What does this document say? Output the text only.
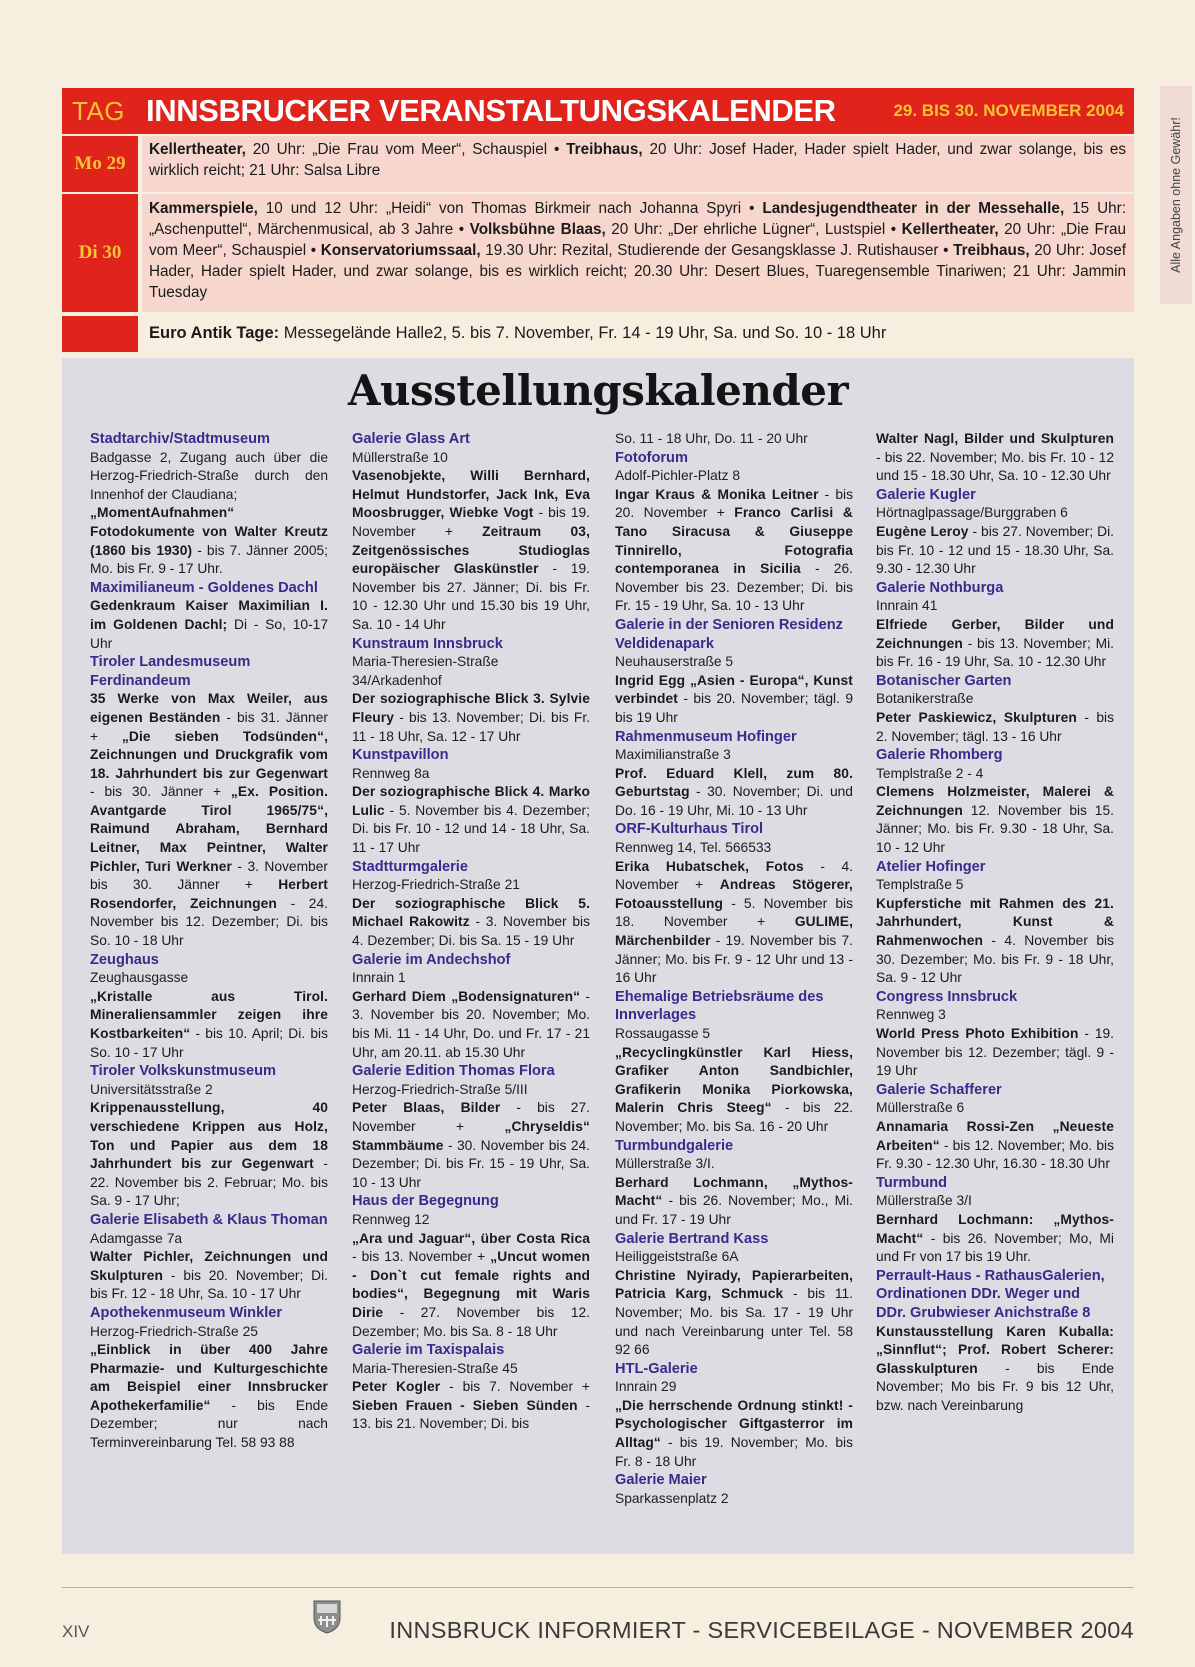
Alle Angaben ohne Gewähr!
TAG INNSBRUCKER VERANSTALTUNGSKALENDER	29. BIS 30. NOVEMBER 2004
Mo 29
Kellertheater, 20 Uhr: „Die Frau vom Meer“, Schauspiel • Treibhaus, 20 Uhr: Josef Hader, Hader spielt Hader, und zwar solange, bis es wirklich reicht; 21 Uhr: Salsa Libre
Di 30
Kammerspiele, 10 und 12 Uhr: „Heidi“ von Thomas Birkmeir nach Johanna Spyri • Landesjugendtheater in der Messehalle, 15 Uhr: „Aschenputtel“, Märchenmusical, ab 3 Jahre • Volksbühne Blaas, 20 Uhr: „Der ehrliche Lügner“, Lustspiel • Kellertheater, 20 Uhr: „Die Frau vom Meer“, Schauspiel • Konservatoriumssaal, 19.30 Uhr: Rezital, Studierende der Gesangsklasse J. Rutishauser • Treibhaus, 20 Uhr: Josef Hader, Hader spielt Hader, und zwar solange, bis es wirklich reicht; 20.30 Uhr: Desert Blues, Tuaregensemble Tinariwen; 21 Uhr: Jammin Tuesday
Euro Antik Tage: Messegelände Halle2, 5. bis 7. November, Fr. 14 - 19 Uhr, Sa. und So. 10 - 18 Uhr
Ausstellungskalender
Stadtarchiv/Stadtmuseum
Badgasse 2, Zugang auch über die Herzog-Friedrich-Straße durch den Innenhof der Claudiana;
„MomentAufnahmen“ Fotodokumente von Walter Kreutz (1860 bis 1930) - bis 7. Jänner 2005; Mo. bis Fr. 9 - 17 Uhr.
Maximilianeum - Goldenes Dachl
Gedenkraum Kaiser Maximilian I. im Goldenen Dachl; Di - So, 10-17 Uhr
Tiroler Landesmuseum Ferdinandeum
35 Werke von Max Weiler, aus eigenen Beständen - bis 31. Jänner + „Die sieben Todsünden“, Zeichnungen und Druckgrafik vom 18. Jahrhundert bis zur Gegenwart - bis 30. Jänner + „Ex. Position. Avantgarde Tirol 1965/75“, Raimund Abraham, Bernhard Leitner, Max Peintner, Walter Pichler, Turi Werkner - 3. November bis 30. Jänner + Herbert Rosendorfer, Zeichnungen - 24. November bis 12. Dezember; Di. bis So. 10 - 18 Uhr
Zeughaus
Zeughausgasse
„Kristalle aus Tirol. Mineraliensammler zeigen ihre Kostbarkeiten“ - bis 10. April; Di. bis So. 10 - 17 Uhr
Tiroler Volkskunstmuseum
Universitätsstraße 2
Krippenausstellung, 40 verschiedene Krippen aus Holz, Ton und Papier aus dem 18 Jahrhundert bis zur Gegenwart - 22. November bis 2. Februar; Mo. bis Sa. 9 - 17 Uhr;
Galerie Elisabeth & Klaus Thoman
Adamgasse 7a
Walter Pichler, Zeichnungen und Skulpturen - bis 20. November; Di. bis Fr. 12 - 18 Uhr, Sa. 10 - 17 Uhr
Apothekenmuseum Winkler
Herzog-Friedrich-Straße 25
„Einblick in über 400 Jahre Pharmazie- und Kulturgeschichte am Beispiel einer Innsbrucker Apothekerfamilie“ - bis Ende Dezember; nur nach Terminvereinbarung Tel. 58 93 88
Galerie Glass Art
Müllerstraße 10
Vasenobjekte, Willi Bernhard, Helmut Hundstorfer, Jack Ink, Eva Moosbrugger, Wiebke Vogt - bis 19. November + Zeitraum 03, Zeitgenössisches Studioglas europäischer Glaskünstler - 19. November bis 27. Jänner; Di. bis Fr. 10 - 12.30 Uhr und 15.30 bis 19 Uhr, Sa. 10 - 14 Uhr
Kunstraum Innsbruck
Maria-Theresien-Straße 34/Arkadenhof
Der soziographische Blick 3. Sylvie Fleury - bis 13. November; Di. bis Fr. 11 - 18 Uhr, Sa. 12 - 17 Uhr
Kunstpavillon
Rennweg 8a
Der soziographische Blick 4. Marko Lulic - 5. November bis 4. Dezember; Di. bis Fr. 10 - 12 und 14 - 18 Uhr, Sa. 11 - 17 Uhr
Stadtturmgalerie
Herzog-Friedrich-Straße 21
Der soziographische Blick 5. Michael Rakowitz - 3. November bis 4. Dezember; Di. bis Sa. 15 - 19 Uhr
Galerie im Andechshof
Innrain 1
Gerhard Diem „Bodensignaturen“ - 3. November bis 20. November; Mo. bis Mi. 11 - 14 Uhr, Do. und Fr. 17 - 21 Uhr, am 20.11. ab 15.30 Uhr
Galerie Edition Thomas Flora
Herzog-Friedrich-Straße 5/III
Peter Blaas, Bilder - bis 27. November + „Chryseldis“ Stammbäume - 30. November bis 24. Dezember; Di. bis Fr. 15 - 19 Uhr, Sa. 10 - 13 Uhr
Haus der Begegnung
Rennweg 12
„Ara und Jaguar“, über Costa Rica - bis 13. November + „Uncut women - Don`t cut female rights and bodies“, Begegnung mit Waris Dirie - 27. November bis 12. Dezember; Mo. bis Sa. 8 - 18 Uhr
Galerie im Taxispalais
Maria-Theresien-Straße 45
Peter Kogler - bis 7. November + Sieben Frauen - Sieben Sünden - 13. bis 21. November; Di. bis
So. 11 - 18 Uhr, Do. 11 - 20 Uhr
Fotoforum
Adolf-Pichler-Platz 8
Ingar Kraus & Monika Leitner - bis 20. November + Franco Carlisi & Tano Siracusa & Giuseppe Tinnirello, Fotografia contemporanea in Sicilia - 26. November bis 23. Dezember; Di. bis Fr. 15 - 19 Uhr, Sa. 10 - 13 Uhr
Galerie in der Senioren Residenz Veldidenapark
Neuhauserstraße 5
Ingrid Egg „Asien - Europa“, Kunst verbindet - bis 20. November; tägl. 9 bis 19 Uhr
Rahmenmuseum Hofinger
Maximilianstraße 3
Prof. Eduard Klell, zum 80. Geburtstag - 30. November; Di. und Do. 16 - 19 Uhr, Mi. 10 - 13 Uhr
ORF-Kulturhaus Tirol
Rennweg 14, Tel. 566533
Erika Hubatschek, Fotos - 4. November + Andreas Stögerer, Fotoausstellung - 5. November bis 18. November + GULIME, Märchenbilder - 19. November bis 7. Jänner; Mo. bis Fr. 9 - 12 Uhr und 13 - 16 Uhr
Ehemalige Betriebsräume des Innverlages
Rossaugasse 5
„Recyclingkünstler Karl Hiess, Grafiker Anton Sandbichler, Grafikerin Monika Piorkowska, Malerin Chris Steeg“ - bis 22. November; Mo. bis Sa. 16 - 20 Uhr
Turmbundgalerie
Müllerstraße 3/I.
Berhard Lochmann, „Mythos-Macht“ - bis 26. November; Mo., Mi. und Fr. 17 - 19 Uhr
Galerie Bertrand Kass
Heiliggeiststraße 6A
Christine Nyirady, Papierarbeiten, Patricia Karg, Schmuck - bis 11. November; Mo. bis Sa. 17 - 19 Uhr und nach Vereinbarung unter Tel. 58 92 66
HTL-Galerie
Innrain 29
„Die herrschende Ordnung stinkt! - Psychologischer Giftgasterror im Alltag“ - bis 19. November; Mo. bis Fr. 8 - 18 Uhr
Galerie Maier
Sparkassenplatz 2
Walter Nagl, Bilder und Skulpturen - bis 22. November; Mo. bis Fr. 10 - 12 und 15 - 18.30 Uhr, Sa. 10 - 12.30 Uhr
Galerie Kugler
Hörtnaglpassage/Burggraben 6
Eugène Leroy - bis 27. November; Di. bis Fr. 10 - 12 und 15 - 18.30 Uhr, Sa. 9.30 - 12.30 Uhr
Galerie Nothburga
Innrain 41
Elfriede Gerber, Bilder und Zeichnungen - bis 13. November; Mi. bis Fr. 16 - 19 Uhr, Sa. 10 - 12.30 Uhr
Botanischer Garten
Botanikerstraße
Peter Paskiewicz, Skulpturen - bis 2. November; tägl. 13 - 16 Uhr
Galerie Rhomberg
Templstraße 2 - 4
Clemens Holzmeister, Malerei & Zeichnungen 12. November bis 15. Jänner; Mo. bis Fr. 9.30 - 18 Uhr, Sa. 10 - 12 Uhr
Atelier Hofinger
Templstraße 5
Kupferstiche mit Rahmen des 21. Jahrhundert, Kunst & Rahmenwochen - 4. November bis 30. Dezember; Mo. bis Fr. 9 - 18 Uhr, Sa. 9 - 12 Uhr
Congress Innsbruck
Rennweg 3
World Press Photo Exhibition - 19. November bis 12. Dezember; tägl. 9 - 19 Uhr
Galerie Schafferer
Müllerstraße 6
Annamaria Rossi-Zen „Neueste Arbeiten“ - bis 12. November; Mo. bis Fr. 9.30 - 12.30 Uhr, 16.30 - 18.30 Uhr
Turmbund
Müllerstraße 3/I
Bernhard Lochmann: „Mythos-Macht“ - bis 26. November; Mo, Mi und Fr von 17 bis 19 Uhr.
Perrault-Haus - RathausGalerien, Ordinationen DDr. Weger und DDr. Grubwieser Anichstraße 8
Kunstausstellung Karen Kuballa: „Sinnflut“; Prof. Robert Scherer: Glasskulpturen - bis Ende November; Mo bis Fr. 9 bis 12 Uhr, bzw. nach Vereinbarung
XIV	INNSBRUCK INFORMIERT - SERVICEBEILAGE - NOVEMBER 2004
